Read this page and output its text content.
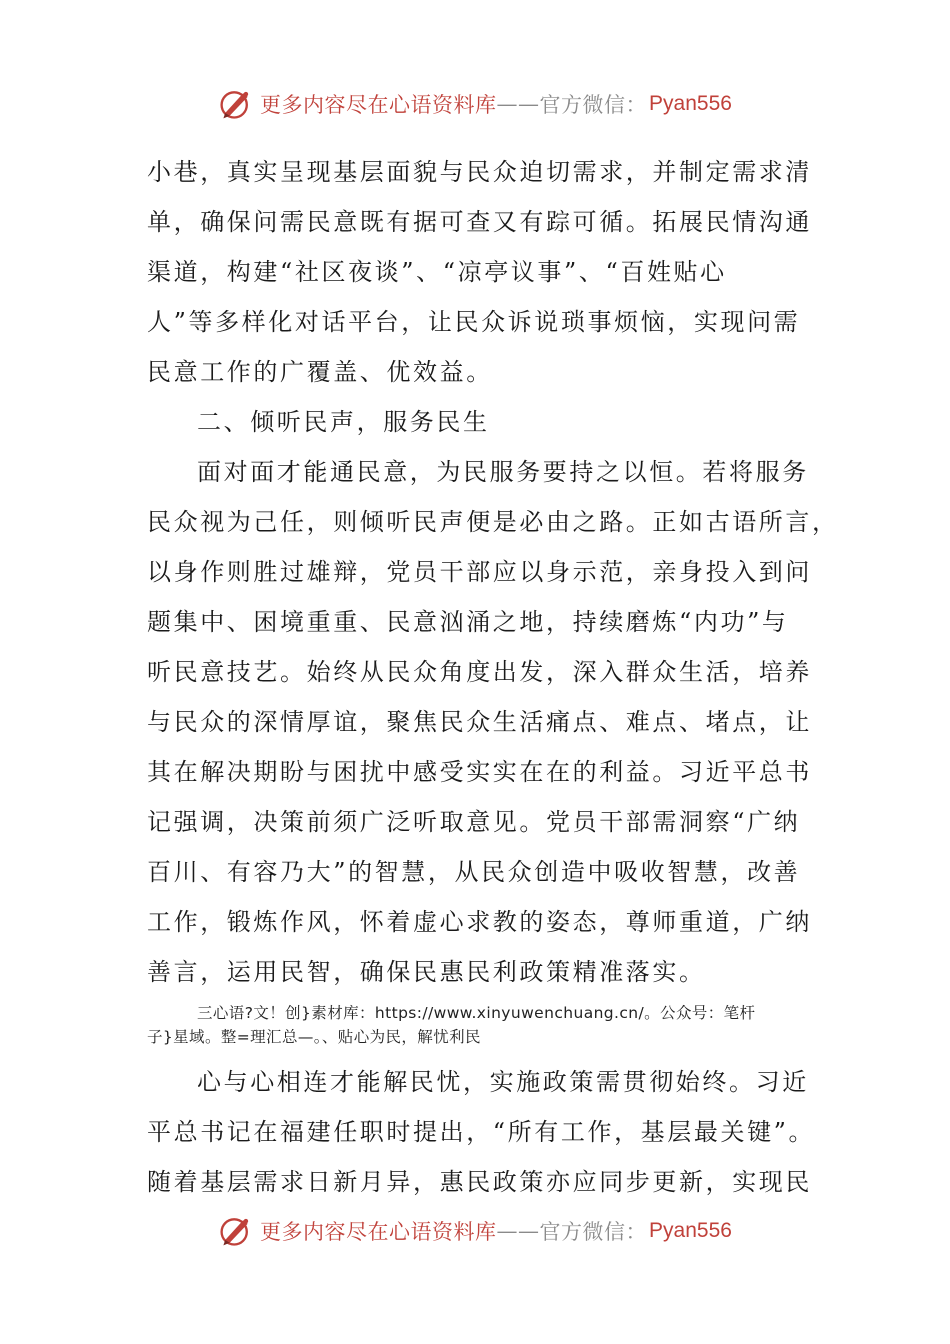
更多内容尽在心语资料库 —— 官方微信： Pyan556
小巷，真实呈现基层面貌与民众迫切需求，并制定需求清
单，确保问需民意既有据可查又有踪可循。拓展民情沟通
渠道，构建“社区夜谈”、“凉亭议事”、“百姓贴心
人”等多样化对话平台，让民众诉说琐事烦恼，实现问需
民意工作的广覆盖、优效益。
二、倾听民声，服务民生
面对面才能通民意，为民服务要持之以恒。若将服务
民众视为己任，则倾听民声便是必由之路。正如古语所言，
以身作则胜过雄辩，党员干部应以身示范，亲身投入到问
题集中、困境重重、民意汹涌之地，持续磨炼“内功”与
听民意技艺。始终从民众角度出发，深入群众生活，培养
与民众的深情厚谊，聚焦民众生活痛点、难点、堵点，让
其在解决期盼与困扰中感受实实在在的利益。习近平总书
记强调，决策前须广泛听取意见。党员干部需洞察“广纳
百川、有容乃大”的智慧，从民众创造中吸收智慧，改善
工作，锻炼作风，怀着虚心求教的姿态，尊师重道，广纳
善言，运用民智，确保民惠民利政策精准落实。
三心语?文！创}素材库：https://www.xinyuwenchuang.cn/。公众号：笔杆
子}星域。整=理汇总—。、贴心为民，解忧利民
心与心相连才能解民忧，实施政策需贯彻始终。习近
平总书记在福建任职时提出，“所有工作，基层最关键”。
随着基层需求日新月异，惠民政策亦应同步更新，实现民
更多内容尽在心语资料库 —— 官方微信： Pyan556
